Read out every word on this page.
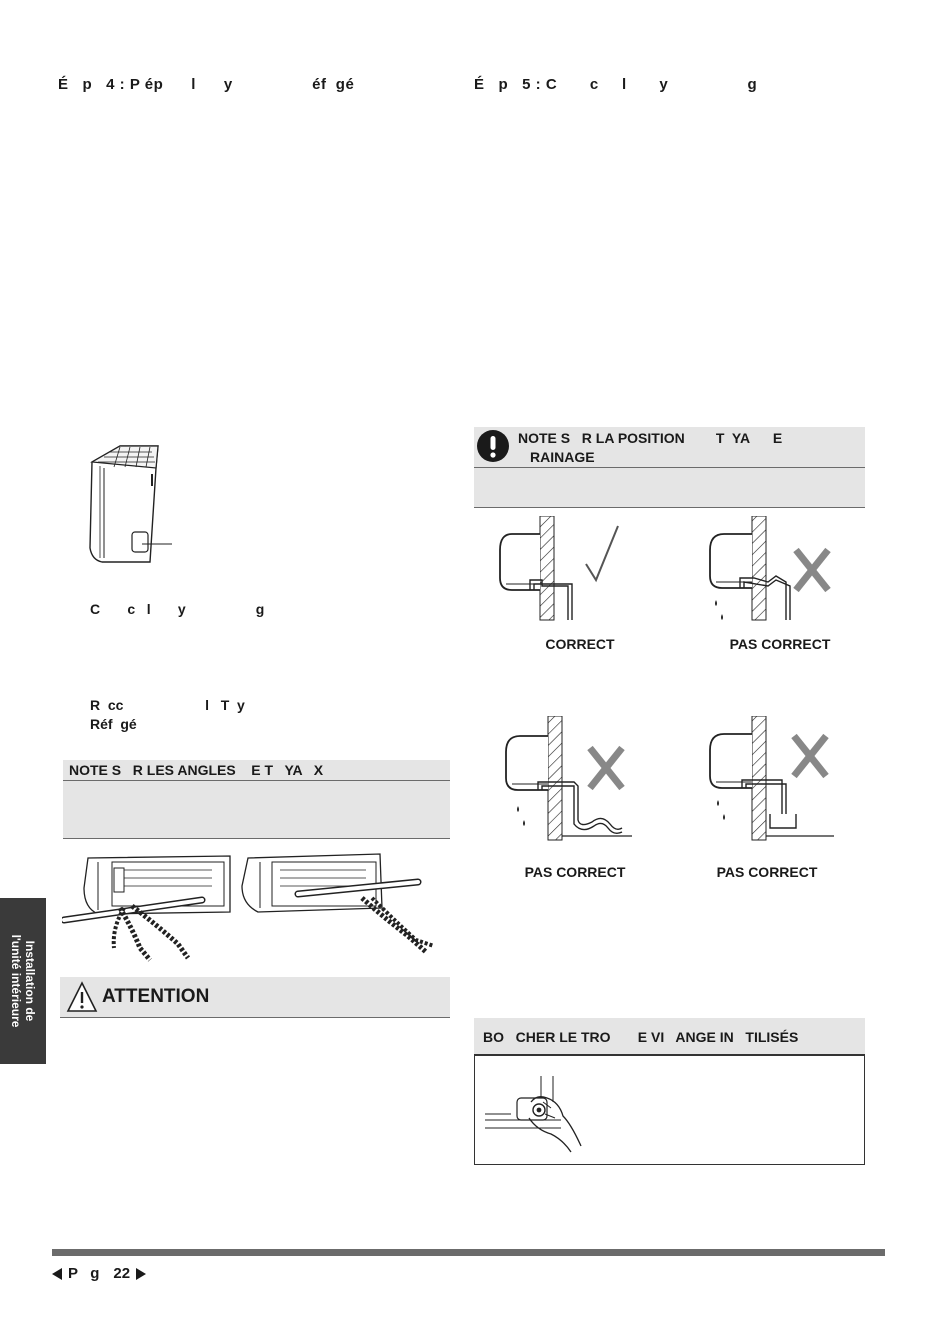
É   p   4 : P ép      l      y                 éf  gé
C       c   l       y                  g
R  cc                     l   T  y
Réf  gé
NOTE S   R LES ANGLES    E T   YA   X
ATTENTION
É   p   5 : C       c     l       y                 g
NOTE S   R LA POSITION        T  YA      E
RAINAGE
CORRECT	PAS CORRECT
PAS CORRECT	PAS CORRECT
BO   CHER LE TRO       E VI   ANGE IN   TILISÉS
Installation de
l'unité intérieure
P   g 22
